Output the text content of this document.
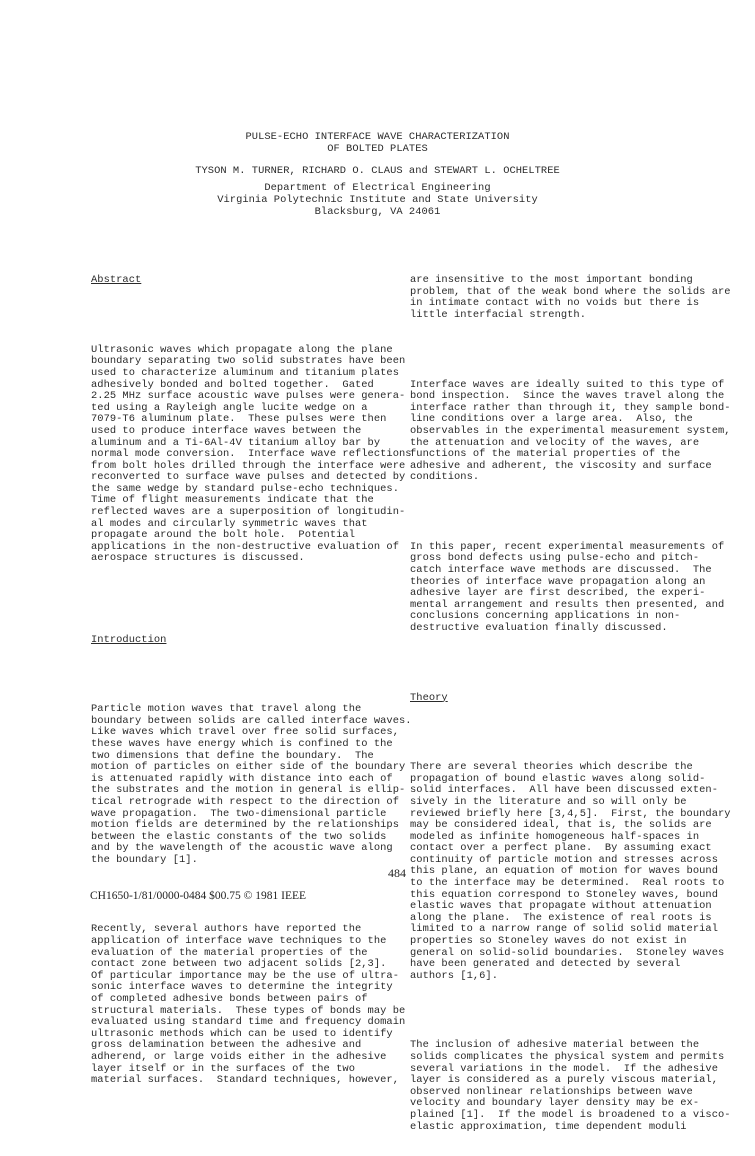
PULSE-ECHO INTERFACE WAVE CHARACTERIZATION
OF BOLTED PLATES
TYSON M. TURNER, RICHARD O. CLAUS and STEWART L. OCHELTREE
Department of Electrical Engineering
Virginia Polytechnic Institute and State University
Blacksburg, VA 24061

Abstract

Ultrasonic waves which propagate along the plane
boundary separating two solid substrates have been
used to characterize aluminum and titanium plates
adhesively bonded and bolted together.  Gated
2.25 MHz surface acoustic wave pulses were genera-
ted using a Rayleigh angle lucite wedge on a
7079-T6 aluminum plate.  These pulses were then
used to produce interface waves between the
aluminum and a Ti-6Al-4V titanium alloy bar by
normal mode conversion.  Interface wave reflections
from bolt holes drilled through the interface were
reconverted to surface wave pulses and detected by
the same wedge by standard pulse-echo techniques.
Time of flight measurements indicate that the
reflected waves are a superposition of longitudin-
al modes and circularly symmetric waves that
propagate around the bolt hole.  Potential
applications in the non-destructive evaluation of
aerospace structures is discussed.

Introduction

Particle motion waves that travel along the
boundary between solids are called interface waves.
Like waves which travel over free solid surfaces,
these waves have energy which is confined to the
two dimensions that define the boundary.  The
motion of particles on either side of the boundary
is attenuated rapidly with distance into each of
the substrates and the motion in general is ellip-
tical retrograde with respect to the direction of
wave propagation.  The two-dimensional particle
motion fields are determined by the relationships
between the elastic constants of the two solids
and by the wavelength of the acoustic wave along
the boundary [1].

Recently, several authors have reported the
application of interface wave techniques to the
evaluation of the material properties of the
contact zone between two adjacent solids [2,3].
Of particular importance may be the use of ultra-
sonic interface waves to determine the integrity
of completed adhesive bonds between pairs of
structural materials.  These types of bonds may be
evaluated using standard time and frequency domain
ultrasonic methods which can be used to identify
gross delamination between the adhesive and
adherend, or large voids either in the adhesive
layer itself or in the surfaces of the two
material surfaces.  Standard techniques, however,

are insensitive to the most important bonding
problem, that of the weak bond where the solids are
in intimate contact with no voids but there is
little interfacial strength.

Interface waves are ideally suited to this type of
bond inspection.  Since the waves travel along the
interface rather than through it, they sample bond-
line conditions over a large area.  Also, the
observables in the experimental measurement system,
the attenuation and velocity of the waves, are
functions of the material properties of the
adhesive and adherent, the viscosity and surface
conditions.

In this paper, recent experimental measurements of
gross bond defects using pulse-echo and pitch-
catch interface wave methods are discussed.  The
theories of interface wave propagation along an
adhesive layer are first described, the experi-
mental arrangement and results then presented, and
conclusions concerning applications in non-
destructive evaluation finally discussed.

Theory

There are several theories which describe the
propagation of bound elastic waves along solid-
solid interfaces.  All have been discussed exten-
sively in the literature and so will only be
reviewed briefly here [3,4,5].  First, the boundary
may be considered ideal, that is, the solids are
modeled as infinite homogeneous half-spaces in
contact over a perfect plane.  By assuming exact
continuity of particle motion and stresses across
this plane, an equation of motion for waves bound
to the interface may be determined.  Real roots to
this equation correspond to Stoneley waves, bound
elastic waves that propagate without attenuation
along the plane.  The existence of real roots is
limited to a narrow range of solid solid material
properties so Stoneley waves do not exist in
general on solid-solid boundaries.  Stoneley waves
have been generated and detected by several
authors [1,6].

The inclusion of adhesive material between the
solids complicates the physical system and permits
several variations in the model.  If the adhesive
layer is considered as a purely viscous material,
observed nonlinear relationships between wave
velocity and boundary layer density may be ex-
plained [1].  If the model is broadened to a visco-
elastic approximation, time dependent moduli

484
CH1650-1/81/0000-0484 $00.75 © 1981 IEEE
